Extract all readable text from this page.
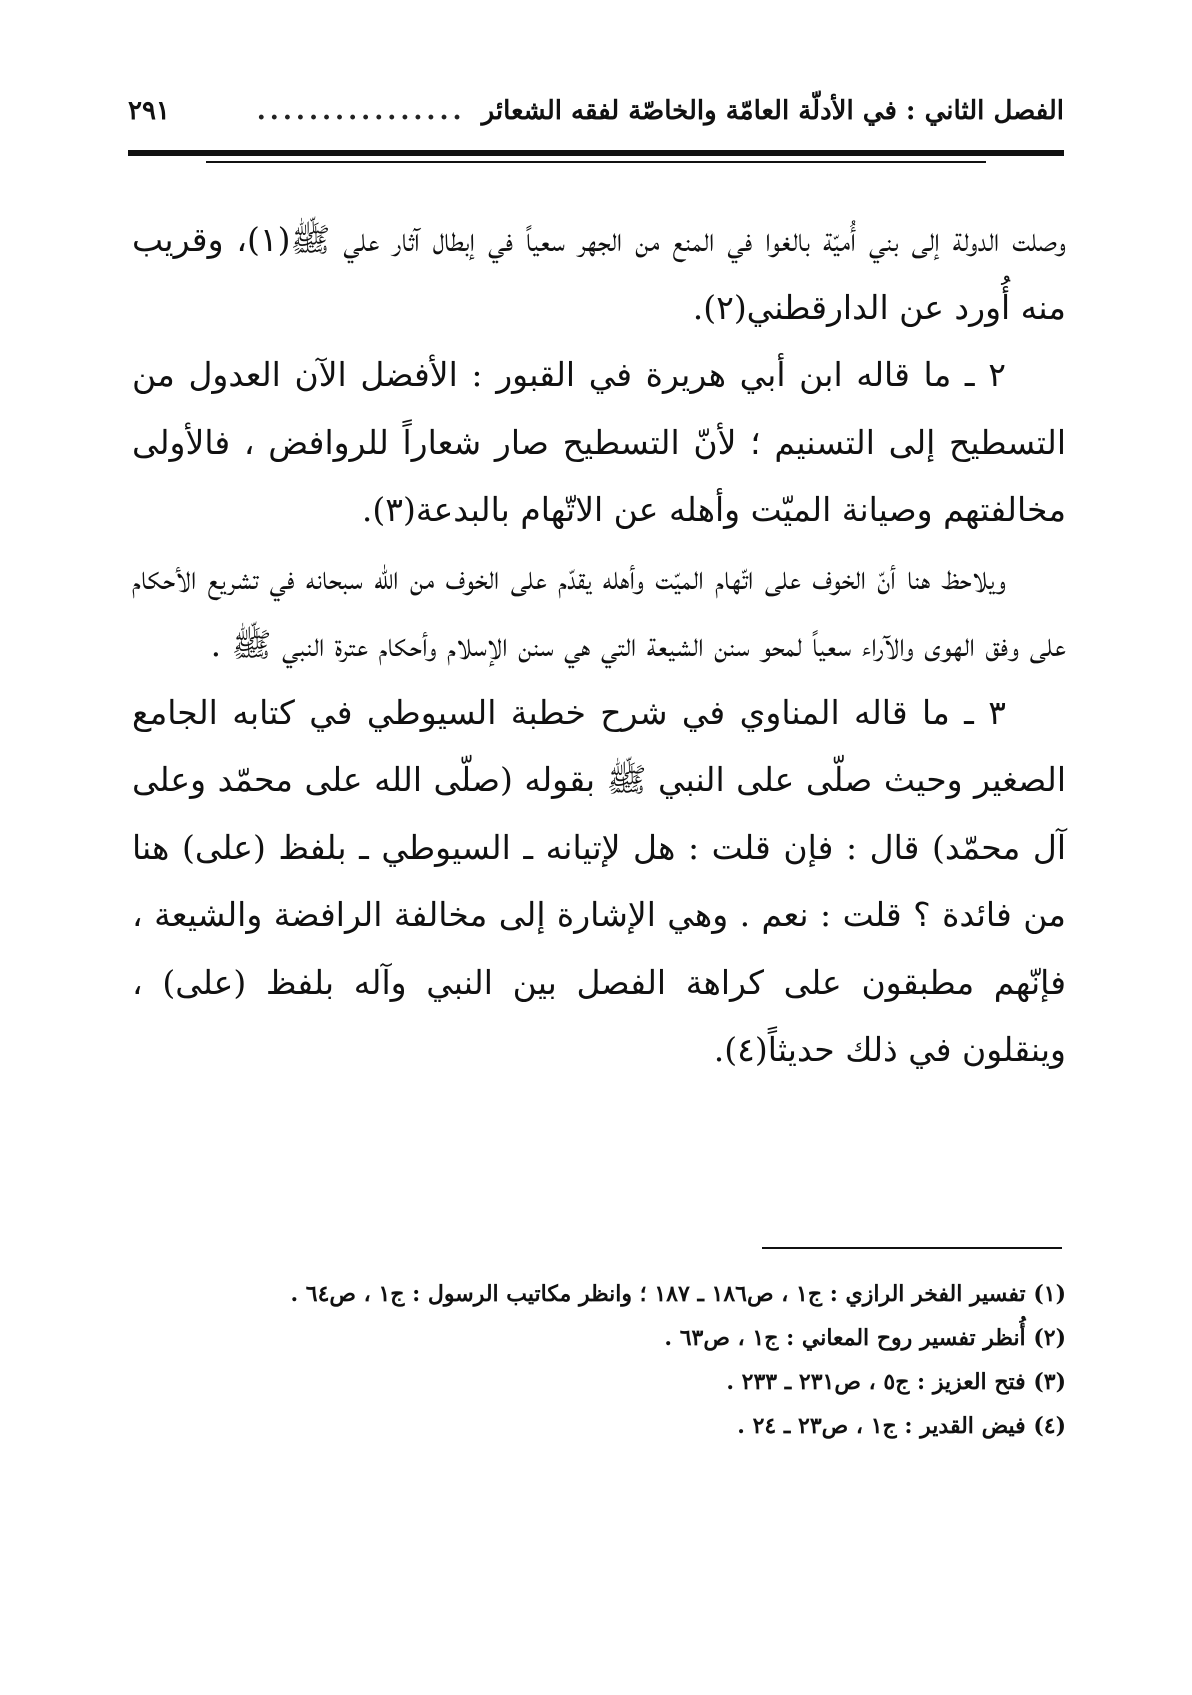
الفصل الثاني : في الأدلّة العامّة والخاصّة لفقه الشعائر
................
٢٩١

وصلت الدولة إلى بني أُميّة بالغوا في المنع من الجهر سعياً في إبطال آثار علي ﷺ(١)، وقريب منه أُورد عن الدارقطني(٢).

٢ ـ ما قاله ابن أبي هريرة في القبور : الأفضل الآن العدول من التسطيح إلى التسنيم ؛ لأنّ التسطيح صار شعاراً للروافض ، فالأولى مخالفتهم وصيانة الميّت وأهله عن الاتّهام بالبدعة(٣).

ويلاحظ هنا أنّ الخوف على اتّهام الميّت وأهله يقدّم على الخوف من الله سبحانه في تشريع الأحكام على وفق الهوى والآراء سعياً لمحو سنن الشيعة التي هي سنن الإسلام وأحكام عترة النبي ﷺ .

٣ ـ ما قاله المناوي في شرح خطبة السيوطي في كتابه الجامع الصغير وحيث صلّى على النبي ﷺ بقوله (صلّى الله على محمّد وعلى آل محمّد) قال : فإن قلت : هل لإتيانه ـ السيوطي ـ بلفظ (على) هنا من فائدة ؟ قلت : نعم . وهي الإشارة إلى مخالفة الرافضة والشيعة ، فإنّهم مطبقون على كراهة الفصل بين النبي وآله بلفظ (على) ، وينقلون في ذلك حديثاً(٤).

(١) تفسير الفخر الرازي : ج١ ، ص١٨٦ ـ ١٨٧ ؛ وانظر مكاتيب الرسول : ج١ ، ص٦٤ .
(٢) أُنظر تفسير روح المعاني : ج١ ، ص٦٣ .
(٣) فتح العزيز : ج٥ ، ص٢٣١ ـ ٢٣٣ .
(٤) فيض القدير : ج١ ، ص٢٣ ـ ٢٤ .
